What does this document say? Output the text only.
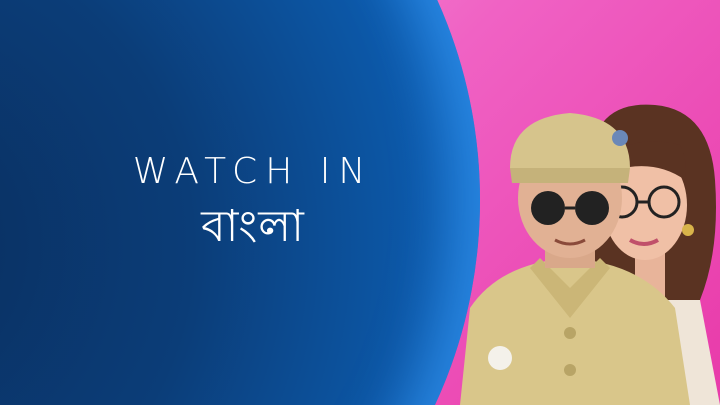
WATCH IN
বাংলা
